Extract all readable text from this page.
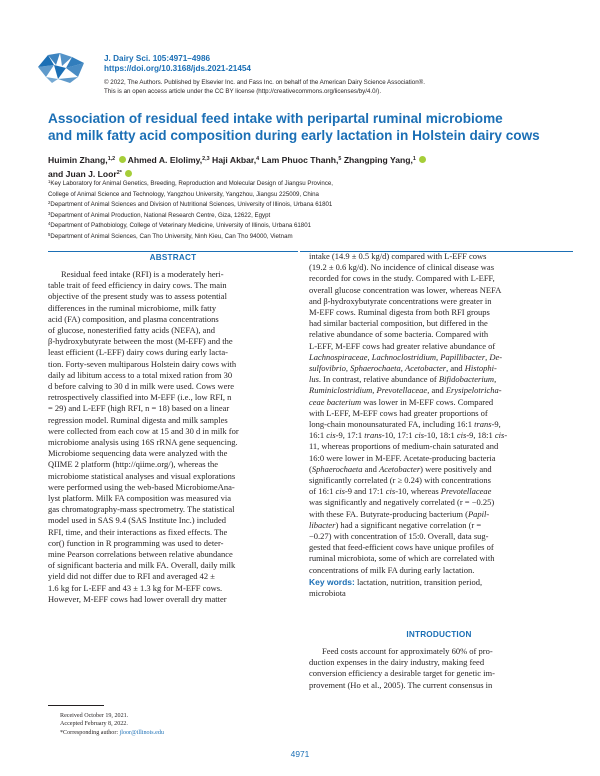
J. Dairy Sci. 105:4971–4986
https://doi.org/10.3168/jds.2021-21454
© 2022, The Authors. Published by Elsevier Inc. and Fass Inc. on behalf of the American Dairy Science Association®.
This is an open access article under the CC BY license (http://creativecommons.org/licenses/by/4.0/).
Association of residual feed intake with peripartal ruminal microbiome
and milk fatty acid composition during early lactation in Holstein dairy cows
Huimin Zhang,$^{1,2}$ Ahmed A. Elolimy,$^{2,3}$ Haji Akbar,$^4$ Lam Phuoc Thanh,$^5$ Zhangping Yang,$^1$
and Juan J. Loor$^{2*}$
$^1$Key Laboratory for Animal Genetics, Breeding, Reproduction and Molecular Design of Jiangsu Province,
College of Animal Science and Technology, Yangzhou University, Yangzhou, Jiangsu 225009, China
$^2$Department of Animal Sciences and Division of Nutritional Sciences, University of Illinois, Urbana 61801
$^3$Department of Animal Production, National Research Centre, Giza, 12622, Egypt
$^4$Department of Pathobiology, College of Veterinary Medicine, University of Illinois, Urbana 61801
$^5$Department of Animal Sciences, Can Tho University, Ninh Kieu, Can Tho 94000, Vietnam
ABSTRACT

Residual feed intake (RFI) is a moderately heri-
table trait of feed efficiency in dairy cows. The main
objective of the present study was to assess potential
differences in the ruminal microbiome, milk fatty
acid (FA) composition, and plasma concentrations
of glucose, nonesterified fatty acids (NEFA), and
β-hydroxybutyrate between the most (M-EFF) and the
least efficient (L-EFF) dairy cows during early lacta-
tion. Forty-seven multiparous Holstein dairy cows with
daily ad libitum access to a total mixed ration from 30
d before calving to 30 d in milk were used. Cows were
retrospectively classified into M-EFF (i.e., low RFI, n
= 29) and L-EFF (high RFI, n = 18) based on a linear
regression model. Ruminal digesta and milk samples
were collected from each cow at 15 and 30 d in milk for
microbiome analysis using 16S rRNA gene sequencing.
Microbiome sequencing data were analyzed with the
QIIME 2 platform (http://qiime.org/), whereas the
microbiome statistical analyses and visual explorations
were performed using the web-based MicrobiomeAna-
lyst platform. Milk FA composition was measured via
gas chromatography-mass spectrometry. The statistical
model used in SAS 9.4 (SAS Institute Inc.) included
RFI, time, and their interactions as fixed effects. The
cor() function in R programming was used to deter-
mine Pearson correlations between relative abundance
of significant bacteria and milk FA. Overall, daily milk
yield did not differ due to RFI and averaged 42 ±
1.6 kg for L-EFF and 43 ± 1.3 kg for M-EFF cows.
However, M-EFF cows had lower overall dry matter

intake (14.9 ± 0.5 kg/d) compared with L-EFF cows
(19.2 ± 0.6 kg/d). No incidence of clinical disease was
recorded for cows in the study. Compared with L-EFF,
overall glucose concentration was lower, whereas NEFA
and β-hydroxybutyrate concentrations were greater in
M-EFF cows. Ruminal digesta from both RFI groups
had similar bacterial composition, but differed in the
relative abundance of some bacteria. Compared with
L-EFF, M-EFF cows had greater relative abundance of
Lachnospiraceae, Lachnoclostridium, Papillibacter, De-
sulfovibrio, Sphaerochaeta, Acetobacter, and Histophi-
lus. In contrast, relative abundance of Bifidobacterium,
Ruminiclostridium, Prevotellaceae, and Erysipelotricha-
ceae bacterium was lower in M-EFF cows. Compared
with L-EFF, M-EFF cows had greater proportions of
long-chain monounsaturated FA, including 16:1 trans-9,
16:1 cis-9, 17:1 trans-10, 17:1 cis-10, 18:1 cis-9, 18:1 cis-
11, whereas proportions of medium-chain saturated and
16:0 were lower in M-EFF. Acetate-producing bacteria
(Sphaerochaeta and Acetobacter) were positively and
significantly correlated (r ≥ 0.24) with concentrations
of 16:1 cis-9 and 17:1 cis-10, whereas Prevotellaceae
was significantly and negatively correlated (r = −0.25)
with these FA. Butyrate-producing bacterium (Papil-
libacter) had a significant negative correlation (r =
−0.27) with concentration of 15:0. Overall, data sug-
gested that feed-efficient cows have unique profiles of
ruminal microbiota, some of which are correlated with
concentrations of milk FA during early lactation.

Key words: lactation, nutrition, transition period,
microbiota

INTRODUCTION

Feed costs account for approximately 60% of pro-
duction expenses in the dairy industry, making feed
conversion efficiency a desirable target for genetic im-
provement (Ho et al., 2005). The current consensus in

Received October 19, 2021.
Accepted February 8, 2022.
*Corresponding author: jloor@illinois.edu
4971
